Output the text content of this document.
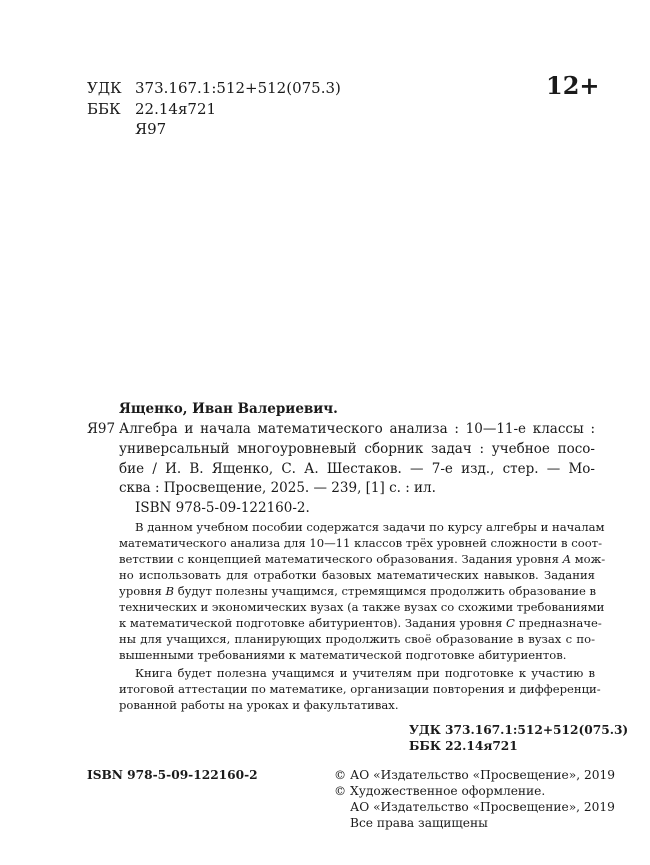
УДК 373.167.1:512+512(075.3)
ББК 22.14я721
Я97
12+
Ященко, Иван Валериевич.
Я97 Алгебра и начала математического анализа : 10—11-е классы :
универсальный многоуровневый сборник задач : учебное посо-
бие / И. В. Ященко, С. А. Шестаков. — 7-е изд., стер. — Мо-
сква : Просвещение, 2025. — 239, [1] с. : ил.
ISBN 978-5-09-122160-2.
В данном учебном пособии содержатся задачи по курсу алгебры и началам
математического анализа для 10—11 классов трёх уровней сложности в соот-
ветствии с концепцией математического образования. Задания уровня A мож-
но использовать для отработки базовых математических навыков. Задания
уровня B будут полезны учащимся, стремящимся продолжить образование в
технических и экономических вузах (а также вузах со схожими требованиями
к математической подготовке абитуриентов). Задания уровня C предназначе-
ны для учащихся, планирующих продолжить своё образование в вузах с по-
вышенными требованиями к математической подготовке абитуриентов.
Книга будет полезна учащимся и учителям при подготовке к участию в
итоговой аттестации по математике, организации повторения и дифференци-
рованной работы на уроках и факультативах.
УДК 373.167.1:512+512(075.3)
ББК 22.14я721
ISBN 978-5-09-122160-2	© АО «Издательство «Просвещение», 2019
© Художественное оформление.
АО «Издательство «Просвещение», 2019
Все права защищены
